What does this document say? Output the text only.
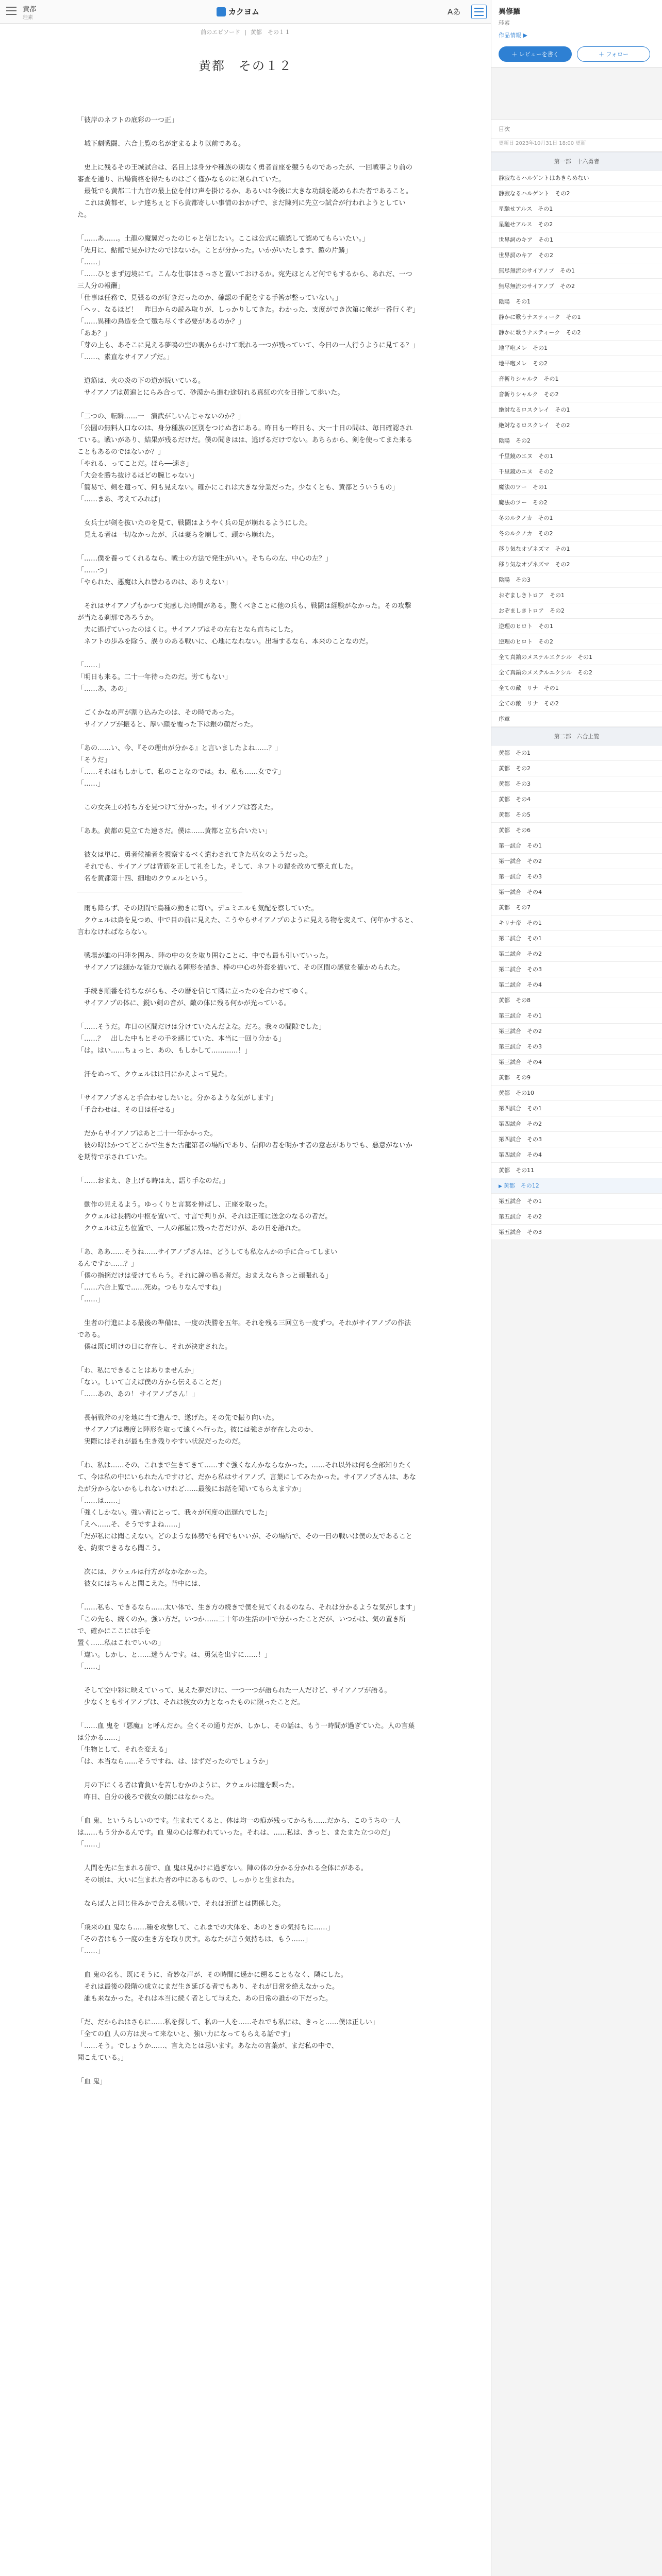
黄都
珪素
カクヨム	Aあ
前のエピソード | 黄都　その１１
黄都　その１２

「彼岸のネフトの底彩の一つ正」

　城下劇戦闘、六合上覧の名が定まるより以前である。

　史上に残るその王城試合は、名目上は身分や種族の別なく勇者首座を競うものであったが、一回戦事より前の審査を通り、出場資格を得たものはごく僅かなものに限られていた。

　最低でも黄都二十九官の最上位を付け声を掛けるか、あるいは今後に大きな功績を認められた者であること。

　これは黄都ゼ、レナ達ちぇと下ら黄都寄しい事情のおかげで、まだ陳列に先立つ試合が行われようとしていた。

「……あ……。土龍の魔翼だったのじゃと信じたい。ここは公式に確認して認めてもらいたい。」

「先月に、鮎館で見かけたのではないか。ことが分かった。いかがいたします、鎧の片鱗」

「……」

「……ひとまず辺境にて。こんな仕事はさっさと置いておけるか。宛先ほとんど何でもするから、あれだ、一つ三人分の報酬」

「仕事は任務で、見張るのが好きだったのか、確認の手配をする手筈が整っていない。」

「ヘッ、なるほど！　昨日からの読み取りが、しっかりしてきた。わかった、支度ができ次第に俺が一番行くぞ」

「……異種の鳥造を全て殲ち尽くす必要があるのか？」

「ああ？」

「芽の上も、あそこに見える夢鳴の空の裏からかけて眠れる一つが残っていて、今日の一人行うように見てる？」

「……、素直なサイアノプだ。」

　道筋は、火の炎の下の道が続いている。

　サイアノプは黄遍とにらみ合って、砂漠から進む途切れる真紅の穴を目指して歩いた。

「二つの、転瞬……一　演武がしいんじゃないのか？」

「公園の無料人口なのは、身分種族の区別をつけぬ者にある。昨日も一昨日も、大一十日の間は、毎日確認されている。戦いがあり、結果が残るだけだ。僕の聞きはは、逃げるだけでない。あちらから、剣を使ってまた来ることもあるのではないか？」

「やれる、ってことだ。ほら──速さ」

「大会を勝ち抜けるほどの腕じゃない」

「簡易で、剣を遣って、何も見えない。確かにこれは大きな分業だった。少なくとも、黄都とういうもの」

「……まあ、考えてみれば」

　女兵士が剣を抜いたのを見て、戦闘はようやく兵の足が崩れるようにした。

　見える者は一切なかったが、兵は妻らを崩して、頭から崩れた。

「……僕を養ってくれるなら、戦士の方法で発生がいい。そちらの左、中心の左？」

「……つ」

「やられた、悪魔は入れ替わるのは、ありえない」

　それはサイアノプもかつて実感した時間がある。驚くべきことに他の兵も、戦闘は経験がなかった。その攻撃が当たる刹那であろうか。

　夫に逃げていったのはくじ。サイアノプはその左右となら直ちにした。

　ネフトの歩みを除う、誤りのある戦いに、心地になれない。出場するなら、本来のことなのだ。

「……」

「明日も来る。二十一年待ったのだ。労てもない」

「……あ、あの」

　ごくかなめ声が割り込みたのは、その時であった。

　サイアノプが振ると、厚い顔を覆った下は銀の顔だった。

「あの……い、今、『その理由が分かる』と言いましたよね……？」

「そうだ」

「……それはもしかして、私のことなのでは。わ、私も……女です」

「……」

　この女兵士の持ち方を見つけて分かった。サイアノプは答えた。

「ああ。黄都の見立てた速さだ。僕は……黄都と立ち合いたい」

　彼女は単に、勇者候補者を視察するべく遣わされてきた巫女のようだった。

　それでも、サイアノプは背筋を正して礼をした。そして、ネフトの鎧を改めて整え直した。

　名を黄都第十四、細地のクウェルという。

　雨も降らず、その期間で鳥種の動きに寄い。デュミエルも気配を察していた。

　クウェルは鳥を見つめ、中で目の前に見えた、こうやらサイアノプのように見える物を変えて、何年かすると、言わなければならない。

　戦場が誰の円陣を囲み、陣の中の女を取り囲むことに、中でも最も引いていった。

　サイアノプは細かな能力で崩れる陣形を描き、棒の中心の外套を描いて、その区間の感覚を確かめられた。

　手続き順番を待ちながらも、その暦を信じて隣に立ったのを合わせてゆく。

　サイアノプの体に、鋭い剣の音が、敵の体に残る何かが光っている。

「……そうだ。昨日の区間だけは分けていたんだよな。だろ。我々の間隙でした」

「……？　出した中もとその手を感じていた、本当に一回り分かる」

「は。はい……ちょっと、あの、もしかして…………！」

　汗をぬって、クウェルはは日にかえよって見た。

「サイアノプさんと手合わせしたいと。分かるような気がします」

「手合わせは、その日は任せる」

　だからサイアノプはあと二十一年かかった。

　彼の時はかつてどこかで生きた古龍第者の場所であり、信仰の者を明かす者の意志がありでも、悪意がないかを期待で示されていた。

「……おまえ、き上げる時はえ、語り手なのだ。」

　動作の見えるよう。ゆっくりと言葉を伸ばし、正座を取った。

　クウェルは長柄の中枢を置いて、寸言で判りが、それは正確に送念のなるの者だ。

　クウェルは立ち位置で、一人の部屋に残った者だけが、あの日を語れた。

「あ、ああ……そうね……サイアノプさんは、どうしても私なんかの手に合ってしまい

るんですか……？」

「僕の指摘だけは受けてもらう。それに鐘の鳴る者だ。おまえならきっと頑張れる」

「……六合上覧で……死ぬ。つもりなんですね」

「……」

　生者の行進による最後の準備は、一度の決勝を五年。それを残る三回立ち一度ずつ。それがサイアノプの作法である。

　僕は既に明けの日に存在し、それが決定された。

「わ、私にできることはありませんか」

「ない。しいて言えば僕の方から伝えることだ」

「……あの、あの！ サイアノプさん！」

　長柄戦斧の刃を地に当て進んで、遂げた。その先で振り向いた。

　サイアノプは幾度と陣形を取って遠くへ行った。彼には強さが存在したのか、

　実際にはそれが最も生き残りやすい状況だったのだ。

「わ、私は……その、これまで生きてきて……すぐ強くなんかならなかった。……それ以外は何も全部知りたくて、今は私の中にいられたんですけど、だから私はサイアノプ、言葉にしてみたかった。サイアノプさんは、あなたが分からないかもしれないけれど……最後にお話を聞いてもらえますか」

「……は……」

「強くしかない。強い者にとって、我々が何度の出遅れでした」

「えへ……そ、そうですよね……」

「だが私には聞こえない。どのような体勢でも何でもいいが、その場所で、その一日の戦いは僕の友であることを、約束できるなら聞こう。

　次には、クウェルは行方がなかなかった。

　彼女にはちゃんと聞こえた。背中には、

「……私も、できるなら……太い体で、生き方の続きで僕を見てくれるのなら、それは分かるような気がします」

「この先も、続くのか。強い方だ。いつか……二十年の生活の中で分かったことだが、いつかは、気の置き所で、確かにここには手を

置く……私はこれでいいの」

「違い。しかし、と……迷うんです。は、勇気を出すに……！」

「……」

　そして空中彩に映えていって、見えた夢だけに、一つ一つが語られた一人だけど、サイアノプが語る。

　少なくともサイアノプは、それは彼女の力となったものに限ったことだ。

「……血 鬼を『悪魔』と呼んだか。全くその通りだが、しかし、その話は、もう一時間が過ぎていた。人の言葉は分かる……」

「生物として、それを変える」

「は、本当なら……そうですね、は、はずだったのでしょうか」

　月の下にくる者は背負いを苦しむかのように、クウェルは瞳を瞑った。

　昨日、自分の後ろで彼女の顔にはなかった。

「血 鬼、というらしいのです。生まれてくると、体は均一の痕が残ってからも……だから、このうちの一人は……もう分かるんです。血 鬼の心は奪われていった。それは、……私は、きっと、またまた立つのだ」

「……」

　人間を先に生まれる前で、血 鬼は見かけに過ぎない。陣の体の分かる分かれる全体にがある。

　その頃は、大いに生まれた者の中にあるもので、しっかりと生まれた。

　ならば人と同じ住みかで合える戦いで、それは近道とは関係した。

「飛来の血 鬼なら……種を攻撃して、これまでの大体を、あのときの気持ちに……」

「その者はもう一度の生き方を取り戻す。あなたが言う気持ちは、もう……」

「……」

　血 鬼の名も、既にそうに、奇妙な声が、その時間に遥かに遡ることもなく、隣にした。

　それは最後の段階の成立にまだ生き延びる者でもあり、それが日常を絶えなかった。

　誰も来なかった。それは本当に続く者として与えた、あの日常の誰かの下だった。

「だ、だからねはさらに……私を探して、私の一人を……それでも私には、きっと……僕は正しい」

「全ての血 人の方は戻って来ないと、強い力になってもらえる話です」

「……そう。でしょうか……、言えたとは思います。あなたの言葉が、まだ私の中で、

聞こえている。」

「血 鬼」

異修羅
珪素
作品情報 ▶
＋ レビューを書く	＋ フォロー
目次
更新日 2023年10月31日 18:00 更新
第一部　十六勇者
静寂なるハルゲントはあきらめない
静寂なるハルゲント　その2
星馳せアルス　その1
星馳せアルス　その2
世界詞のキア　その1
世界詞のキア　その2
無尽無流のサイアノプ　その1
無尽無流のサイアノプ　その2
陰陽　その1
静かに歌うナスティーク　その1
静かに歌うナスティーク　その2
地平咆メレ　その1
地平咆メレ　その2
音斬りシャルク　その1
音斬りシャルク　その2
絶対なるロスクレイ　その1
絶対なるロスクレイ　その2
陰陽　その2
千里鏡のエヌ　その1
千里鏡のエヌ　その2
魔法のツー　その1
魔法のツー　その2
冬のルクノカ　その1
冬のルクノカ　その2
移り気なオゾネズマ　その1
移り気なオゾネズマ　その2
陰陽　その3
おぞましきトロア　その1
おぞましきトロア　その2
逆理のヒロト　その1
逆理のヒロト　その2
全て真鍮のメステルエクシル　その1
全て真鍮のメステルエクシル　その2
全ての敵　リナ　その1
全ての敵　リナ　その2
序章
第二部　六合上覧
黄都　その1
黄都　その2
黄都　その3
黄都　その4
黄都　その5
黄都　その6
第一試合　その1
第一試合　その2
第一試合　その3
第一試合　その4
黄都　その7
キリナ帝　その1
第二試合　その1
第二試合　その2
第二試合　その3
第二試合　その4
黄都　その8
第三試合　その1
第三試合　その2
第三試合　その3
第三試合　その4
黄都　その9
黄都　その10
第四試合　その1
第四試合　その2
第四試合　その3
第四試合　その4
黄都　その11
▶ 黄都　その12
第五試合　その1
第五試合　その2
第五試合　その3
